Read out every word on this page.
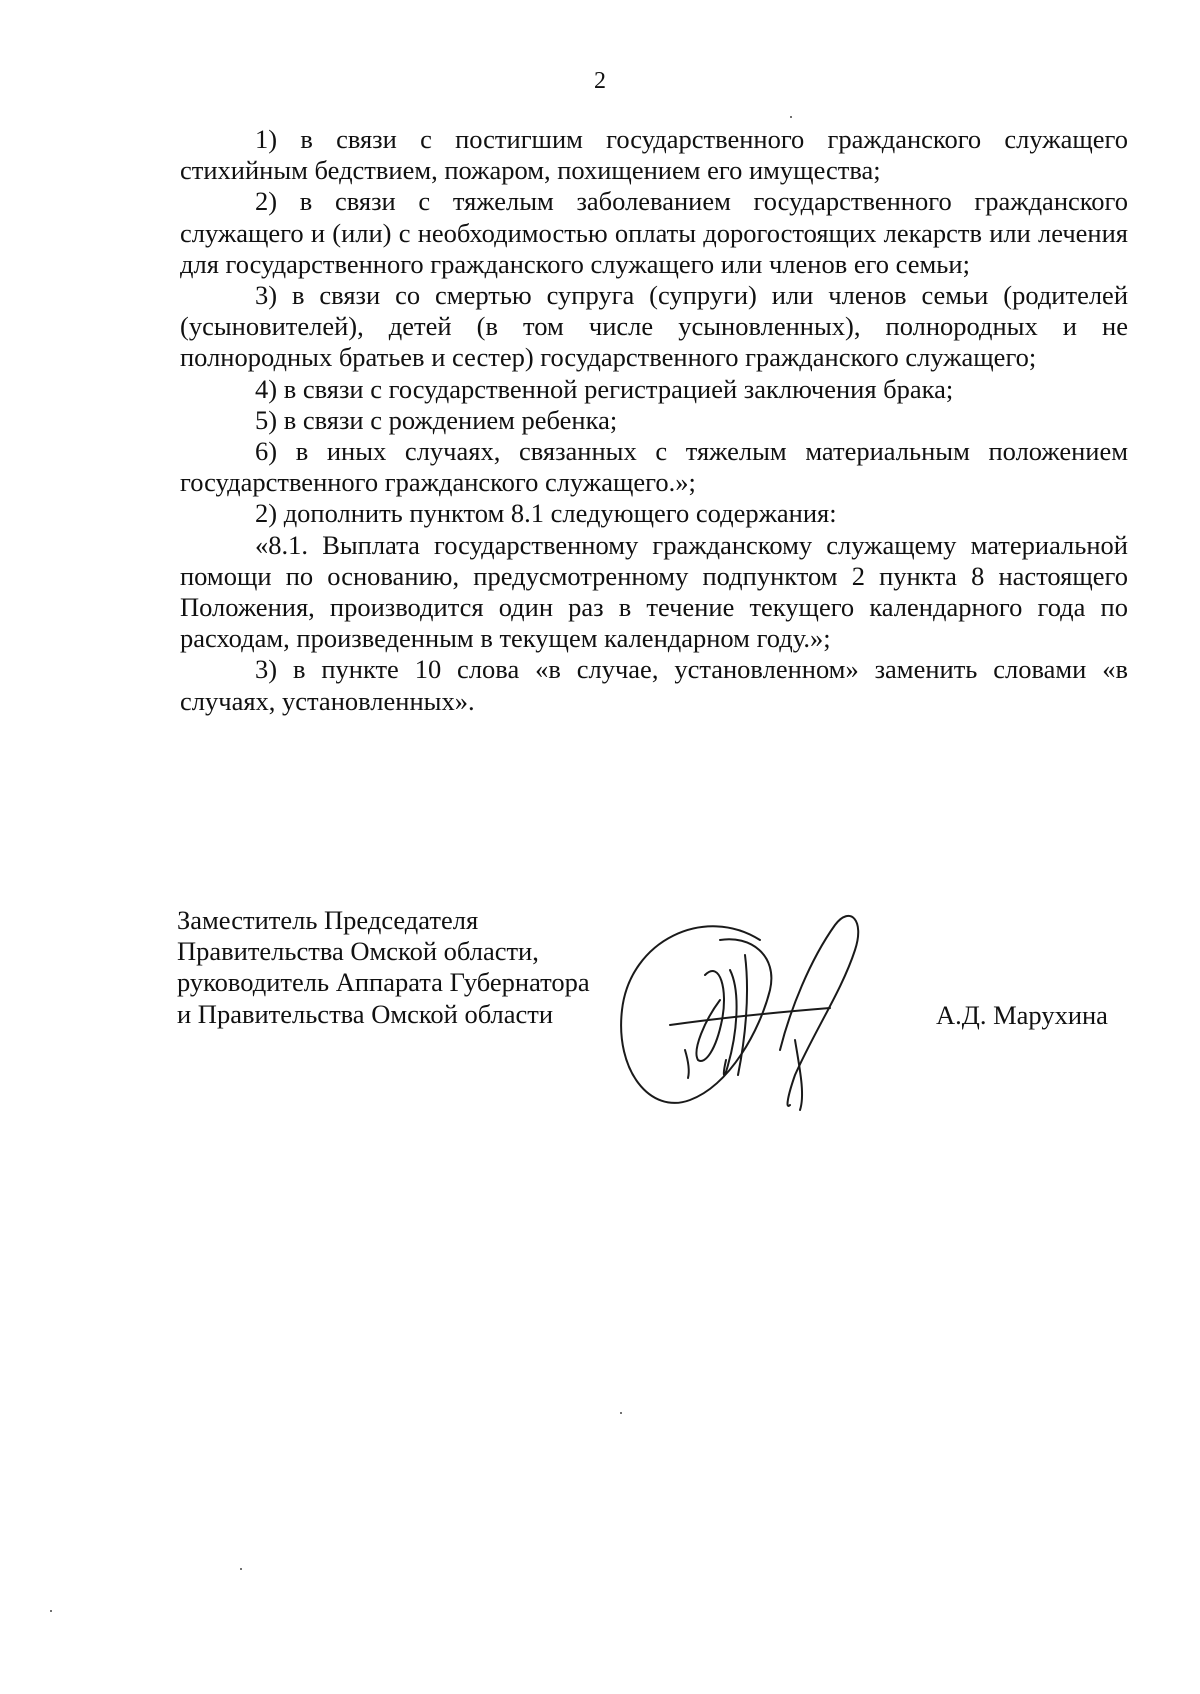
2

1) в связи с постигшим государственного гражданского служащего стихийным бедствием, пожаром, похищением его имущества;

2) в связи с тяжелым заболеванием государственного гражданского служащего и (или) с необходимостью оплаты дорогостоящих лекарств или лечения для государственного гражданского служащего или членов его семьи;

3) в связи со смертью супруга (супруги) или членов семьи (родителей (усыновителей), детей (в том числе усыновленных), полнородных и не полнородных братьев и сестер) государственного гражданского служащего;

4) в связи с государственной регистрацией заключения брака;

5) в связи с рождением ребенка;

6) в иных случаях, связанных с тяжелым материальным положением государственного гражданского служащего.»;

2) дополнить пунктом 8.1 следующего содержания:

«8.1. Выплата государственному гражданскому служащему материальной помощи по основанию, предусмотренному подпунктом 2 пункта 8 настоящего Положения, производится один раз в течение текущего календарного года по расходам, произведенным в текущем календарном году.»;

3) в пункте 10 слова «в случае, установленном» заменить словами «в случаях, установленных».

Заместитель Председателя
Правительства Омской области,
руководитель Аппарата Губернатора
и Правительства Омской области	А.Д. Марухина
